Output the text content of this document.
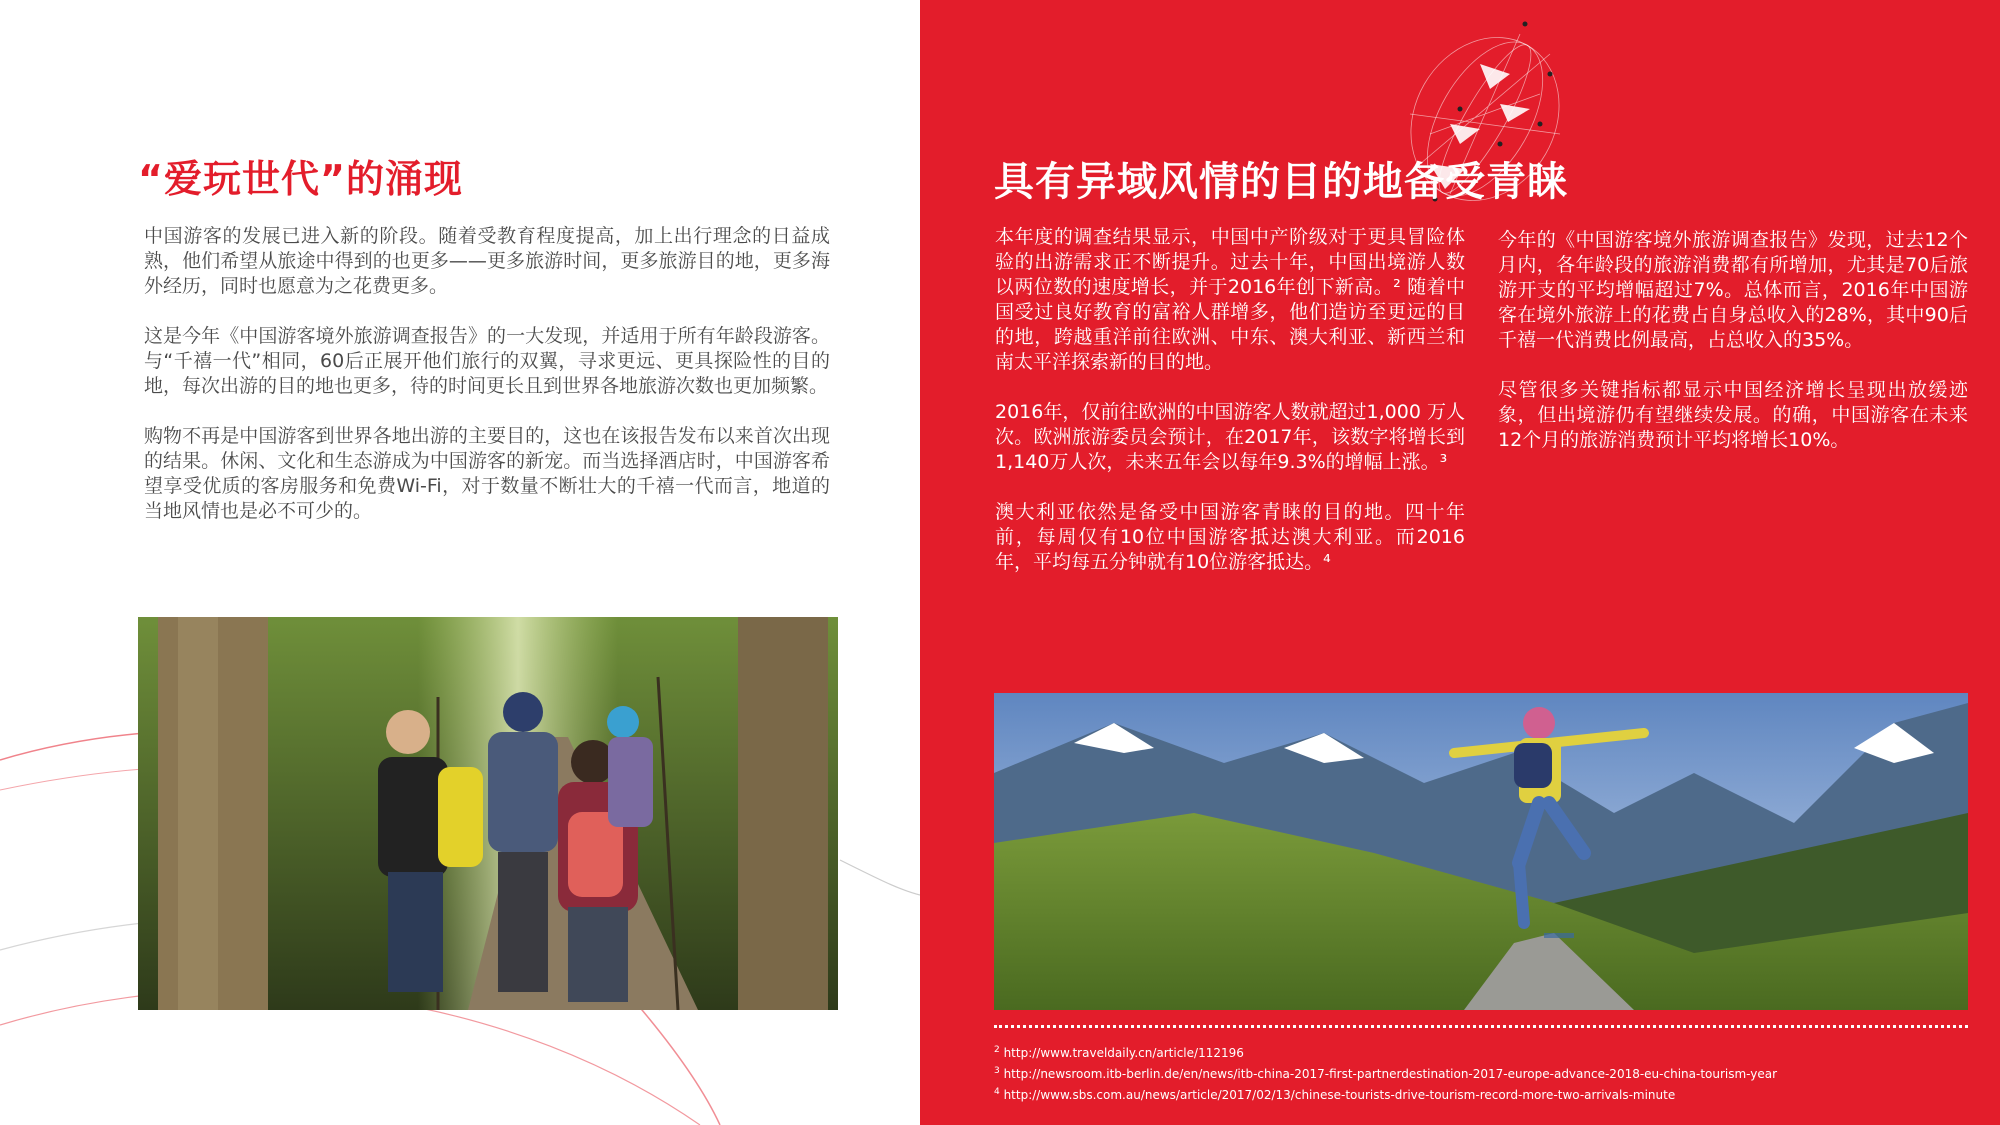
“爱玩世代”的涌现

中国游客的发展已进入新的阶段。随着受教育程度提高，加上出行理念的日益成熟，他们希望从旅途中得到的也更多——更多旅游时间，更多旅游目的地，更多海外经历，同时也愿意为之花费更多。

这是今年《中国游客境外旅游调查报告》的一大发现，并适用于所有年龄段游客。与“千禧一代”相同，60后正展开他们旅行的双翼，寻求更远、更具探险性的目的地，每次出游的目的地也更多，待的时间更长且到世界各地旅游次数也更加频繁。

购物不再是中国游客到世界各地出游的主要目的，这也在该报告发布以来首次出现的结果。休闲、文化和生态游成为中国游客的新宠。而当选择酒店时，中国游客希望享受优质的客房服务和免费Wi-Fi，对于数量不断壮大的千禧一代而言，地道的当地风情也是必不可少的。

具有异域风情的目的地备受青睐

本年度的调查结果显示，中国中产阶级对于更具冒险体验的出游需求正不断提升。过去十年，中国出境游人数以两位数的速度增长，并于2016年创下新高。² 随着中国受过良好教育的富裕人群增多，他们造访至更远的目的地，跨越重洋前往欧洲、中东、澳大利亚、新西兰和南太平洋探索新的目的地。

2016年，仅前往欧洲的中国游客人数就超过1,000 万人次。欧洲旅游委员会预计，在2017年，该数字将增长到1,140万人次，未来五年会以每年9.3%的增幅上涨。³

澳大利亚依然是备受中国游客青睐的目的地。四十年前，每周仅有10位中国游客抵达澳大利亚。而2016年，平均每五分钟就有10位游客抵达。⁴

今年的《中国游客境外旅游调查报告》发现，过去12个月内，各年龄段的旅游消费都有所增加，尤其是70后旅游开支的平均增幅超过7%。总体而言，2016年中国游客在境外旅游上的花费占自身总收入的28%，其中90后千禧一代消费比例最高，占总收入的35%。

尽管很多关键指标都显示中国经济增长呈现出放缓迹象，但出境游仍有望继续发展。的确，中国游客在未来12个月的旅游消费预计平均将增长10%。

$^2$ http://www.traveldaily.cn/article/112196
$^3$ http://newsroom.itb-berlin.de/en/news/itb-china-2017-first-partnerdestination-2017-europe-advance-2018-eu-china-tourism-year
$^4$ http://www.sbs.com.au/news/article/2017/02/13/chinese-tourists-drive-tourism-record-more-two-arrivals-minute
